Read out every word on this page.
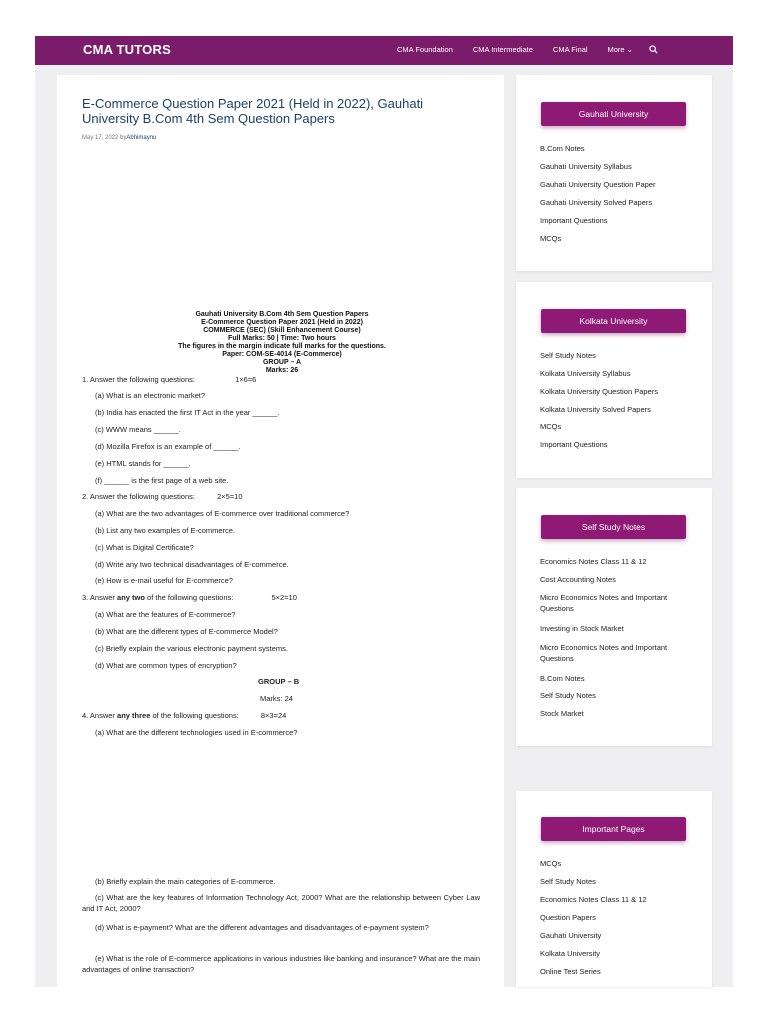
CMA TUTORS	CMA Foundation	CMA Intermediate	CMA Final	More ⌄
E-Commerce Question Paper 2021 (Held in 2022), Gauhati University B.Com 4th Sem Question Papers
May 17, 2022 byAbhimaynu
Gauhati University B.Com 4th Sem Question Papers
E-Commerce Question Paper 2021 (Held in 2022)
COMMERCE (SEC) (Skill Enhancement Course)
Full Marks: 50 | Time: Two hours
The figures in the margin indicate full marks for the questions.
Paper: COM-SE-4014 (E-Commerce)
GROUP – A
Marks: 26
1. Answer the following questions:	1×6=6
(a) What is an electronic market?
(b) India has enacted the first IT Act in the year ______.
(c) WWW means ______.
(d) Mozilla Firefox is an example of ______.
(e) HTML stands for ______.
(f) ______ is the first page of a web site.
2. Answer the following questions:	2×5=10
(a) What are the two advantages of E-commerce over traditional commerce?
(b) List any two examples of E-commerce.
(c) What is Digital Certificate?
(d) Write any two technical disadvantages of E-commerce.
(e) How is e-mail useful for E-commerce?
3. Answer any two of the following questions:	5×2=10
(a) What are the features of E-commerce?
(b) What are the different types of E-commerce Model?
(c) Briefly explain the various electronic payment systems.
(d) What are common types of encryption?
GROUP – B
Marks: 24
4. Answer any three of the following questions:	8×3=24
(a) What are the different technologies used in E-commerce?
(b) Briefly explain the main categories of E-commerce.
(c) What are the key features of Information Technology Act, 2000? What are the relationship between Cyber Law and IT Act, 2000?
(d) What is e-payment? What are the different advantages and disadvantages of e-payment system?
(e) What is the role of E-commerce applications in various industries like banking and insurance? What are the main advantages of online transaction?
Gauhati University
B.Com Notes
Gauhati University Syllabus
Gauhati University Question Paper
Gauhati University Solved Papers
Important Questions
MCQs
Kolkata University
Self Study Notes
Kolkata University Syllabus
Kolkata University Question Papers
Kolkata University Solved Papers
MCQs
Important Questions
Self Study Notes
Economics Notes Class 11 & 12
Cost Accounting Notes
Micro Economics Notes and Important Questions
Investing in Stock Market
Micro Economics Notes and Important Questions
B.Com Notes
Self Study Notes
Stock Market
Important Pages
MCQs
Self Study Notes
Economics Notes Class 11 & 12
Question Papers
Gauhati University
Kolkata University
Online Test Series
